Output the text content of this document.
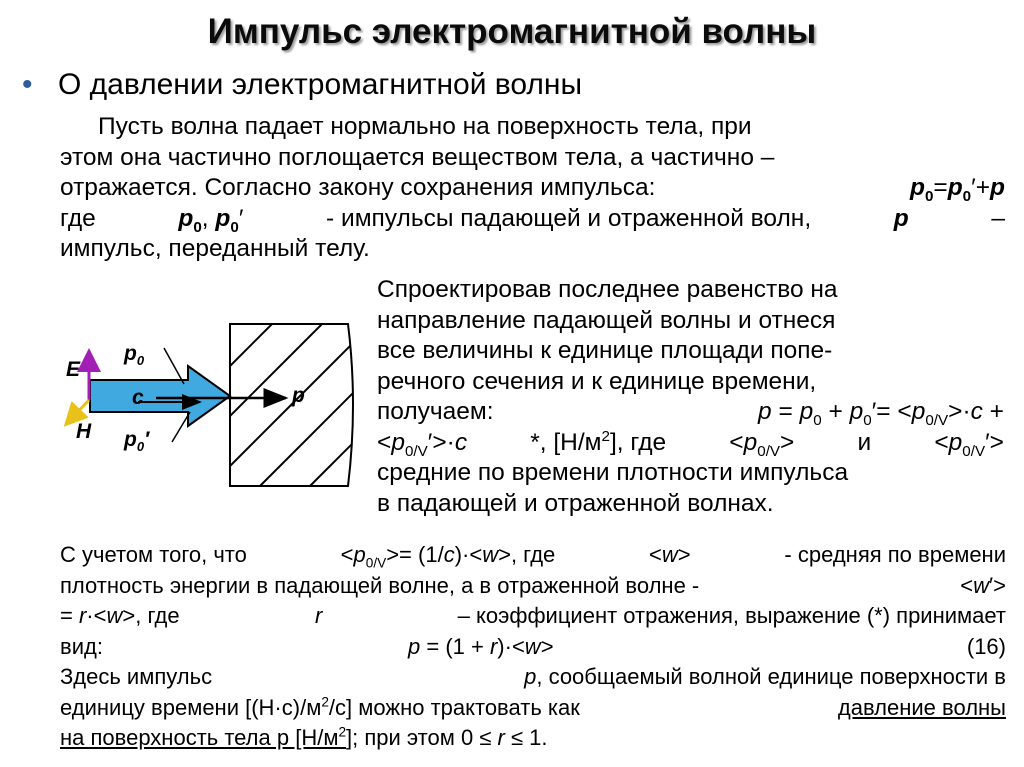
Импульс электромагнитной волны
• О давлении электромагнитной волны
Пусть волна падает нормально на поверхность тела, при
этом она частично поглощается веществом тела, а частично –
отражается. Согласно закону сохранения импульса:	$p_0=p_0'+p$
где	$p_0$, $p_0'$	- импульсы падающей и отраженной волн,	p	–
импульс, переданный телу.
E
H
c	p
$p_0$
$p_0'$
Спроектировав последнее равенство на
направление падающей волны и отнеся
все величины к единице площади попе-
речного сечения и к единице времени,
получаем:	$p = p_0 + p_0'= <p_{0/V}>\cdot c$ +
$<p_{0/V}'>\cdot c$	*, $[Н/м^2]$, где	$<p_{0/V}>$	и	$<p_{0/V}'>$
средние по времени плотности импульса
в падающей и отраженной волнах.
С учетом того, что	$<p_{0/V}>= (1/c)\cdot<w>$, где	<w>	- средняя по времени
плотность энергии в падающей волне, а в отраженной волне -	<w′>
= r·<w>, где	r	– коэффициент отражения, выражение (*) принимает
вид:	p = (1 + r)·<w>	(16)
Здесь импульс	p, сообщаемый волной единице поверхности в
единицу времени $[(Н\cdot с)/м^2/с]$ можно трактовать как	давление волны
на поверхность тела р $[Н/м^2]$; при этом 0 ≤ r ≤ 1.
